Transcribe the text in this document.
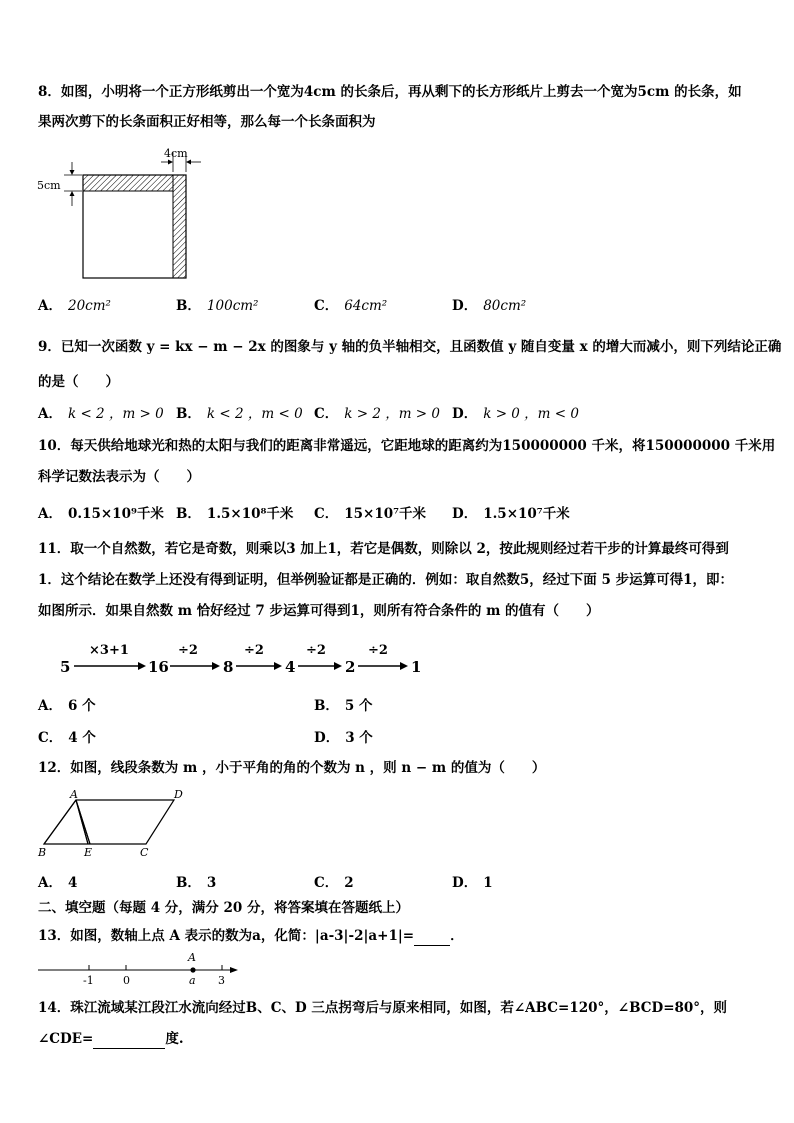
8．如图，小明将一个正方形纸剪出一个宽为4cm 的长条后，再从剩下的长方形纸片上剪去一个宽为5cm 的长条，如
果两次剪下的长条面积正好相等，那么每一个长条面积为
4cm
5cm
A． 20cm²	B． 100cm²	C． 64cm²	D． 80cm²
9．已知一次函数 y = kx − m − 2x 的图象与 y 轴的负半轴相交，且函数值 y 随自变量 x 的增大而减小，则下列结论正确
的是（　　）
A． k < 2 ，m > 0 B． k < 2 ，m < 0 C． k > 2 ，m > 0 D． k > 0 ，m < 0
10．每天供给地球光和热的太阳与我们的距离非常遥远，它距地球的距离约为150000000 千米，将150000000 千米用
科学记数法表示为（　　）
A． 0.15×10⁹千米 B． 1.5×10⁸千米 C． 15×10⁷千米 D． 1.5×10⁷千米
11．取一个自然数，若它是奇数，则乘以3 加上1，若它是偶数，则除以 2，按此规则经过若干步的计算最终可得到
1．这个结论在数学上还没有得到证明，但举例验证都是正确的．例如：取自然数5，经过下面 5 步运算可得1，即：
如图所示．如果自然数 m 恰好经过 7 步运算可得到1，则所有符合条件的 m 的值有（　　）
5	16	8	4	2	1
×3+1	÷2	÷2	÷2	÷2
A． 6 个	B． 5 个
C． 4 个	D． 3 个
12．如图，线段条数为 m ，小于平角的角的个数为 n ，则 n − m 的值为（　　）
A	D
B	E	C
A． 4	B． 3	C． 2	D． 1
二、填空题（每题 4 分，满分 20 分，将答案填在答题纸上）
13．如图，数轴上点 A 表示的数为a，化简：|a-3|-2|a+1|=	．
-1	0	3
A
a
14．珠江流域某江段江水流向经过B、C、D 三点拐弯后与原来相同，如图，若∠ABC=120°，∠BCD=80°，则
∠CDE=	度.
